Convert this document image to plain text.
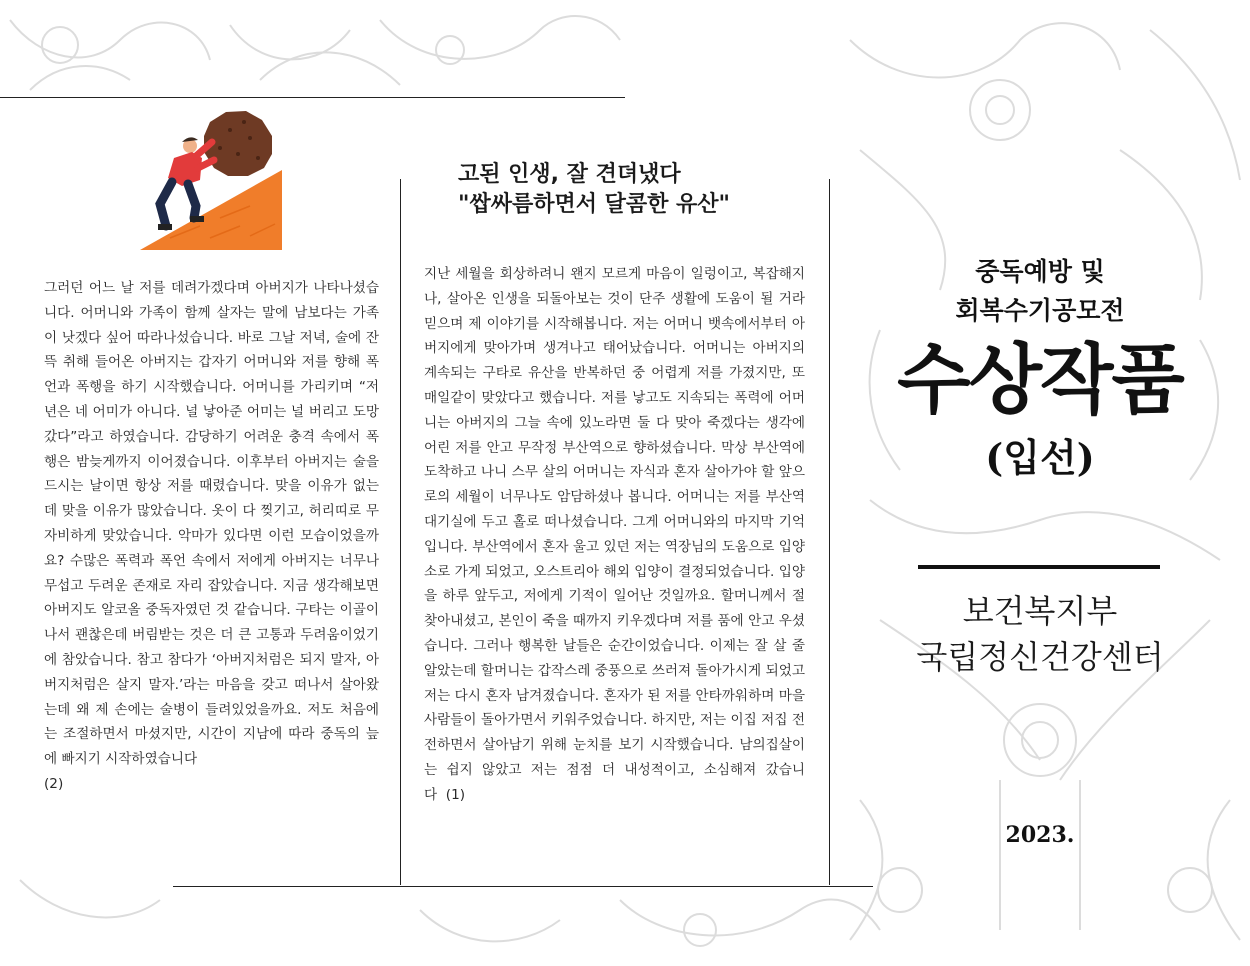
그러던 어느 날 저를 데려가겠다며 아버지가 나타나셨습니다. 어머니와 가족이 함께 살자는 말에 남보다는 가족이 낫겠다 싶어 따라나섰습니다. 바로 그날 저녁, 술에 잔뜩 취해 들어온 아버지는 갑자기 어머니와 저를 향해 폭언과 폭행을 하기 시작했습니다. 어머니를 가리키며 “저년은 네 어미가 아니다. 널 낳아준 어미는 널 버리고 도망갔다”라고 하였습니다. 감당하기 어려운 충격 속에서 폭행은 밤늦게까지 이어졌습니다. 이후부터 아버지는 술을 드시는 날이면 항상 저를 때렸습니다. 맞을 이유가 없는데 맞을 이유가 많았습니다. 옷이 다 찢기고, 허리띠로 무자비하게 맞았습니다. 악마가 있다면 이런 모습이었을까요? 수많은 폭력과 폭언 속에서 저에게 아버지는 너무나 무섭고 두려운 존재로 자리 잡았습니다. 지금 생각해보면 아버지도 알코올 중독자였던 것 같습니다. 구타는 이골이 나서 괜찮은데 버림받는 것은 더 큰 고통과 두려움이었기에 참았습니다. 참고 참다가 ‘아버지처럼은 되지 말자, 아버지처럼은 살지 말자.’라는 마음을 갖고 떠나서 살아왔는데 왜 제 손에는 술병이 들려있었을까요. 저도 처음에는 조절하면서 마셨지만, 시간이 지남에 따라 중독의 늪에 빠지기 시작하였습니다

(2)
고된 인생, 잘 견뎌냈다
"쌉싸름하면서 달콤한 유산"

지난 세월을 회상하려니 왠지 모르게 마음이 일렁이고, 복잡해지나, 살아온 인생을 되돌아보는 것이 단주 생활에 도움이 될 거라 믿으며 제 이야기를 시작해봅니다. 저는 어머니 뱃속에서부터 아버지에게 맞아가며 생겨나고 태어났습니다. 어머니는 아버지의 계속되는 구타로 유산을 반복하던 중 어렵게 저를 가졌지만, 또 매일같이 맞았다고 했습니다. 저를 낳고도 지속되는 폭력에 어머니는 아버지의 그늘 속에 있노라면 둘 다 맞아 죽겠다는 생각에 어린 저를 안고 무작정 부산역으로 향하셨습니다. 막상 부산역에 도착하고 나니 스무 살의 어머니는 자식과 혼자 살아가야 할 앞으로의 세월이 너무나도 암담하셨나 봅니다. 어머니는 저를 부산역 대기실에 두고 홀로 떠나셨습니다. 그게 어머니와의 마지막 기억입니다. 부산역에서 혼자 울고 있던 저는 역장님의 도움으로 입양소로 가게 되었고, 오스트리아 해외 입양이 결정되었습니다. 입양을 하루 앞두고, 저에게 기적이 일어난 것일까요. 할머니께서 절 찾아내셨고, 본인이 죽을 때까지 키우겠다며 저를 품에 안고 우셨습니다. 그러나 행복한 날들은 순간이었습니다. 이제는 잘 살 줄 알았는데 할머니는 갑작스레 중풍으로 쓰러져 돌아가시게 되었고 저는 다시 혼자 남겨졌습니다. 혼자가 된 저를 안타까워하며 마을 사람들이 돌아가면서 키워주었습니다. 하지만, 저는 이집 저집 전전하면서 살아남기 위해 눈치를 보기 시작했습니다. 남의집살이는 쉽지 않았고 저는 점점 더 내성적이고, 소심해져 갔습니다 (1)

중독예방 및
회복수기공모전
수상작품
(입선)
보건복지부
국립정신건강센터
2023.
